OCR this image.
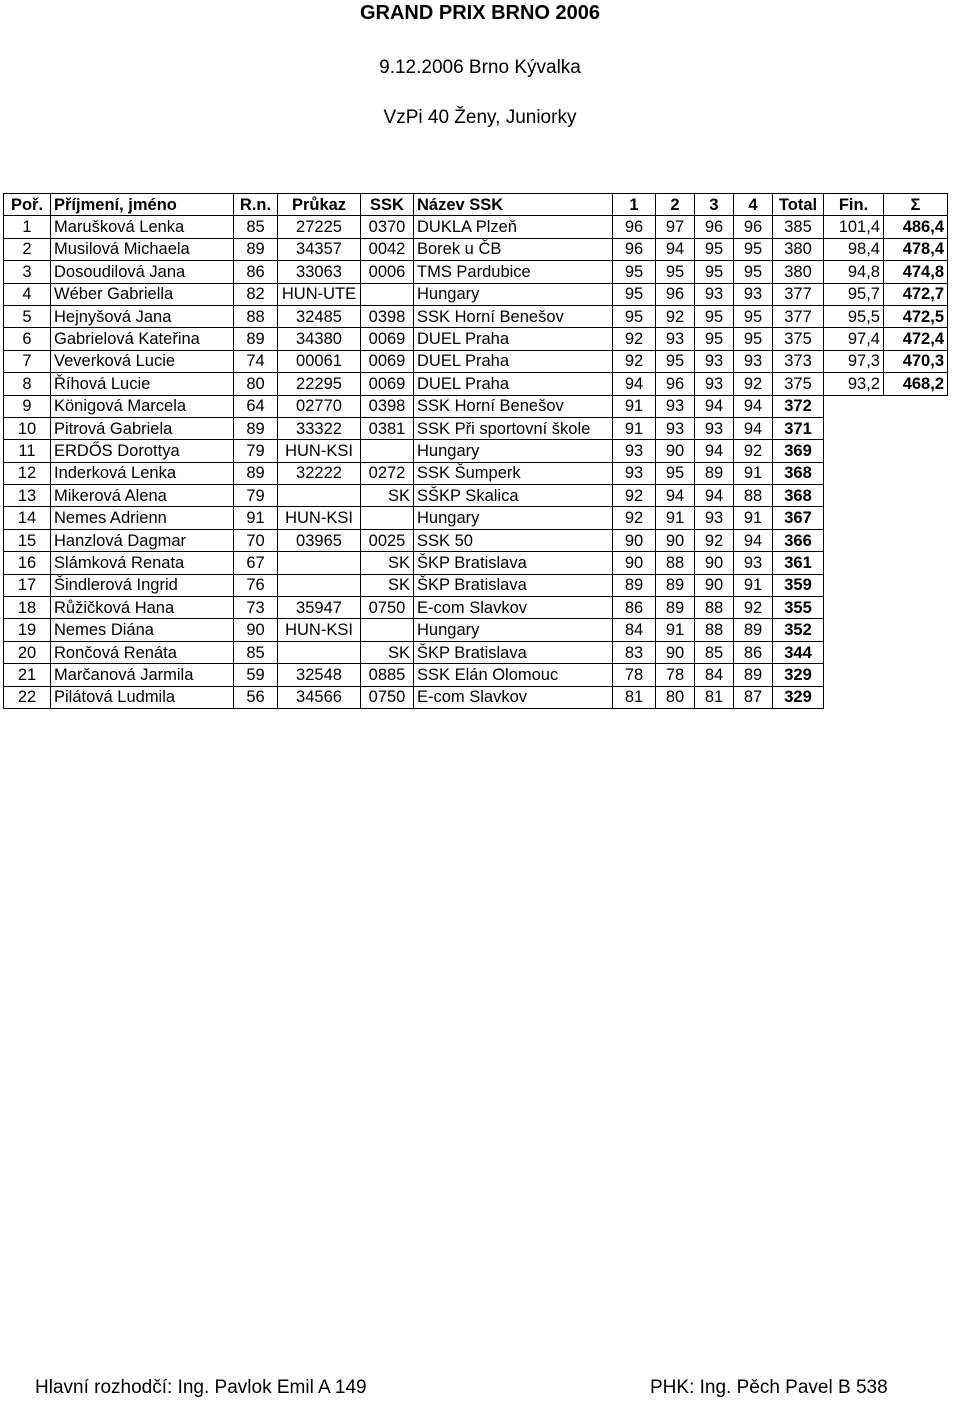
GRAND PRIX BRNO 2006
9.12.2006 Brno Kývalka
VzPi 40 Ženy, Juniorky
Poř.	Příjmení, jméno	R.n.	Průkaz	SSK	Název SSK	1	2	3	4	Total	Fin.	Σ
1	Marušková Lenka	85	27225	0370	DUKLA Plzeň	96	97	96	96	385	101,4	486,4
2	Musilová Michaela	89	34357	0042	Borek u ČB	96	94	95	95	380	98,4	478,4
3	Dosoudilová Jana	86	33063	0006	TMS Pardubice	95	95	95	95	380	94,8	474,8
4	Wéber Gabriella	82	HUN-UTE		Hungary	95	96	93	93	377	95,7	472,7
5	Hejnyšová Jana	88	32485	0398	SSK Horní Benešov	95	92	95	95	377	95,5	472,5
6	Gabrielová Kateřina	89	34380	0069	DUEL Praha	92	93	95	95	375	97,4	472,4
7	Veverková Lucie	74	00061	0069	DUEL Praha	92	95	93	93	373	97,3	470,3
8	Říhová Lucie	80	22295	0069	DUEL Praha	94	96	93	92	375	93,2	468,2
9	Königová Marcela	64	02770	0398	SSK Horní Benešov	91	93	94	94	372		
10	Pitrová Gabriela	89	33322	0381	SSK Při sportovní škole	91	93	93	94	371		
11	ERDŐS Dorottya	79	HUN-KSI		Hungary	93	90	94	92	369		
12	Inderková Lenka	89	32222	0272	SSK Šumperk	93	95	89	91	368		
13	Mikerová Alena	79		SK	SŠKP Skalica	92	94	94	88	368		
14	Nemes Adrienn	91	HUN-KSI		Hungary	92	91	93	91	367		
15	Hanzlová Dagmar	70	03965	0025	SSK 50	90	90	92	94	366		
16	Slámková Renata	67		SK	ŠKP Bratislava	90	88	90	93	361		
17	Šindlerová Ingrid	76		SK	ŠKP Bratislava	89	89	90	91	359		
18	Růžičková Hana	73	35947	0750	E-com Slavkov	86	89	88	92	355		
19	Nemes Diána	90	HUN-KSI		Hungary	84	91	88	89	352		
20	Rončová Renáta	85		SK	ŠKP Bratislava	83	90	85	86	344		
21	Marčanová Jarmila	59	32548	0885	SSK Elán Olomouc	78	78	84	89	329		
22	Pilátová Ludmila	56	34566	0750	E-com Slavkov	81	80	81	87	329		
Hlavní rozhodčí: Ing. Pavlok Emil A 149	PHK: Ing. Pěch Pavel B 538
